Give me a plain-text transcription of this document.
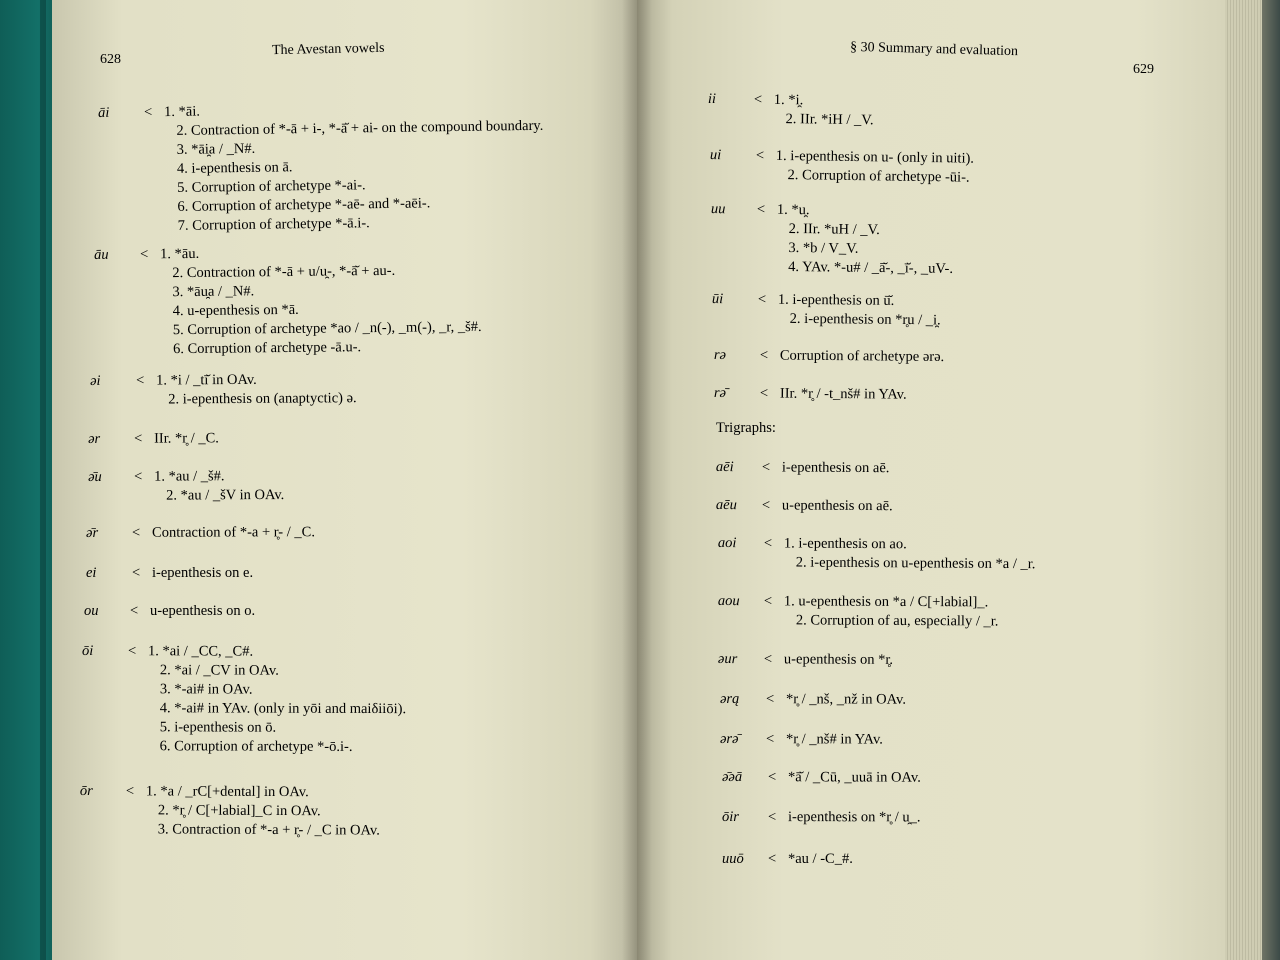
628
The Avestan vowels	§ 30 Summary and evaluation
629
āi	< 1. *āi.
2. Contraction of *-ā + i-, *-ā̆ + ai- on the compound boundary.
3. *āi̯a / _N#.
4. i-epenthesis on ā.
5. Corruption of archetype *-ai-.
6. Corruption of archetype *-aē- and *-aēi-.
7. Corruption of archetype *-ā.i-.
āu	< 1. *āu.
2. Contraction of *-ā + u/u̯-, *-ā̆ + au-.
3. *āu̯a / _N#.
4. u-epenthesis on *ā.
5. Corruption of archetype *ao / _n(-), _m(-), _r, _š#.
6. Corruption of archetype -ā.u-.
əi	< 1. *i / _tī̆ in OAv.
2. i-epenthesis on (anaptyctic) ə.
ər	< IIr. *r̥ / _C.
ə̄u	< 1. *au / _š#.
2. *au / _šV in OAv.
ə̄r	< Contraction of *-a + r̥- / _C.
ei	< i-epenthesis on e.
ou	< u-epenthesis on o.
ōi	< 1. *ai / _CC, _C#.
2. *ai / _CV in OAv.
3. *-ai# in OAv.
4. *-ai# in YAv. (only in yōi and maiδiiōi).
5. i-epenthesis on ō.
6. Corruption of archetype *-ō.i-.
ōr	< 1. *a / _rC[+dental] in OAv.
2. *r̥ / C[+labial]_C in OAv.
3. Contraction of *-a + r̥- / _C in OAv.
ii	< 1. *i̯.
2. IIr. *iH / _V.
ui	< 1. i-epenthesis on u- (only in uiti).
2. Corruption of archetype -ūi-.
uu	< 1. *u̯.
2. IIr. *uH / _V.
3. *b / V_V.
4. YAv. *-u# / _ā̆-, _ī̆-, _uV-.
ūi	< 1. i-epenthesis on ū̆.
2. i-epenthesis on *r̥u / _i̯.
rə	< Corruption of archetype ərə.
rə̄	< IIr. *r̥ / -t_nš# in YAv.
Trigraphs:
aēi	< i-epenthesis on aē.
aēu	< u-epenthesis on aē.
aoi	< 1. i-epenthesis on ao.
2. i-epenthesis on u-epenthesis on *a / _r.
aou	< 1. u-epenthesis on *a / C[+labial]_.
2. Corruption of au, especially / _r.
əur	< u-epenthesis on *r̥.
ərą	< *r̥ / _nš, _nž in OAv.
ərə̄	< *r̥ / _nš# in YAv.
ə̄əā	< *ā̆ / _Cū, _uuā in OAv.
ōir	< i-epenthesis on *r̥ / u̯_.
uuō	< *au / -C_#.
